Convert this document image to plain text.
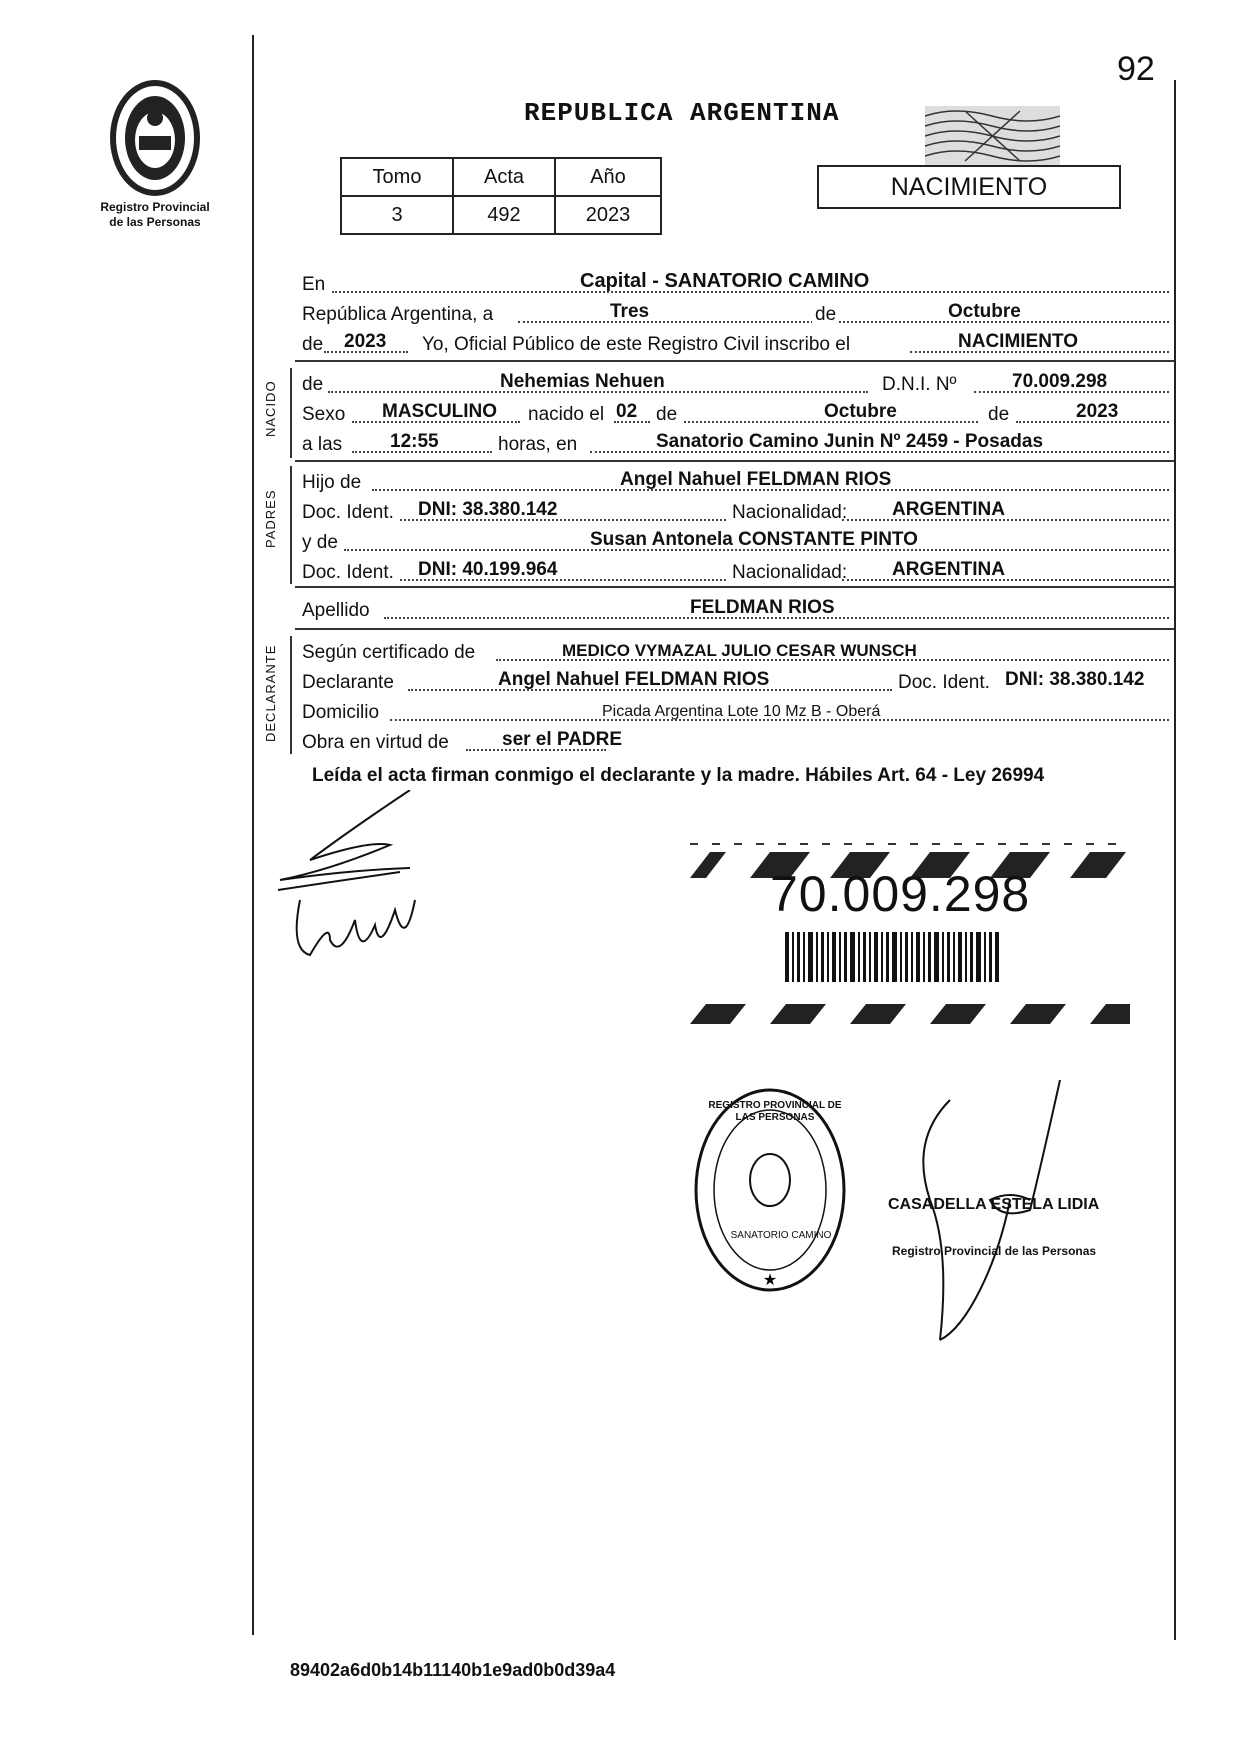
92
Registro Provincial
de las Personas
REPUBLICA ARGENTINA
Tomo	Acta	Año
3	492	2023
NACIMIENTO
En	Capital - SANATORIO CAMINO
República Argentina, a	Tres	de	Octubre
de 2023 Yo, Oficial Público de este Registro Civil inscribo el	NACIMIENTO
NACIDO de	Nehemias Nehuen	D.N.I. Nº	70.009.298
Sexo MASCULINO nacido el 02 de	Octubre	de	2023
a las	12:55	horas, en	Sanatorio Camino Junin Nº 2459 - Posadas
PADRES
Hijo de	Angel Nahuel FELDMAN RIOS
Doc. Ident. DNI: 38.380.142	Nacionalidad: ARGENTINA
y de	Susan Antonela CONSTANTE PINTO
Doc. Ident. DNI: 40.199.964	Nacionalidad: ARGENTINA
Apellido	FELDMAN RIOS
DECLARANTE Según certificado de	MEDICO VYMAZAL JULIO CESAR WUNSCH
Declarante	Angel Nahuel FELDMAN RIOS	Doc. Ident. DNI: 38.380.142
Domicilio	Picada Argentina Lote 10 Mz B - Oberá
Obra en virtud de	ser el PADRE
Leída el acta firman conmigo el declarante y la madre. Hábiles Art. 64 - Ley 26994
70.009.298
★
REGISTRO PROVINCIAL DE LAS PERSONAS
SANATORIO CAMINO
CASADELLA ESTELA LIDIA
Registro Provincial de las Personas
89402a6d0b14b11140b1e9ad0b0d39a4
